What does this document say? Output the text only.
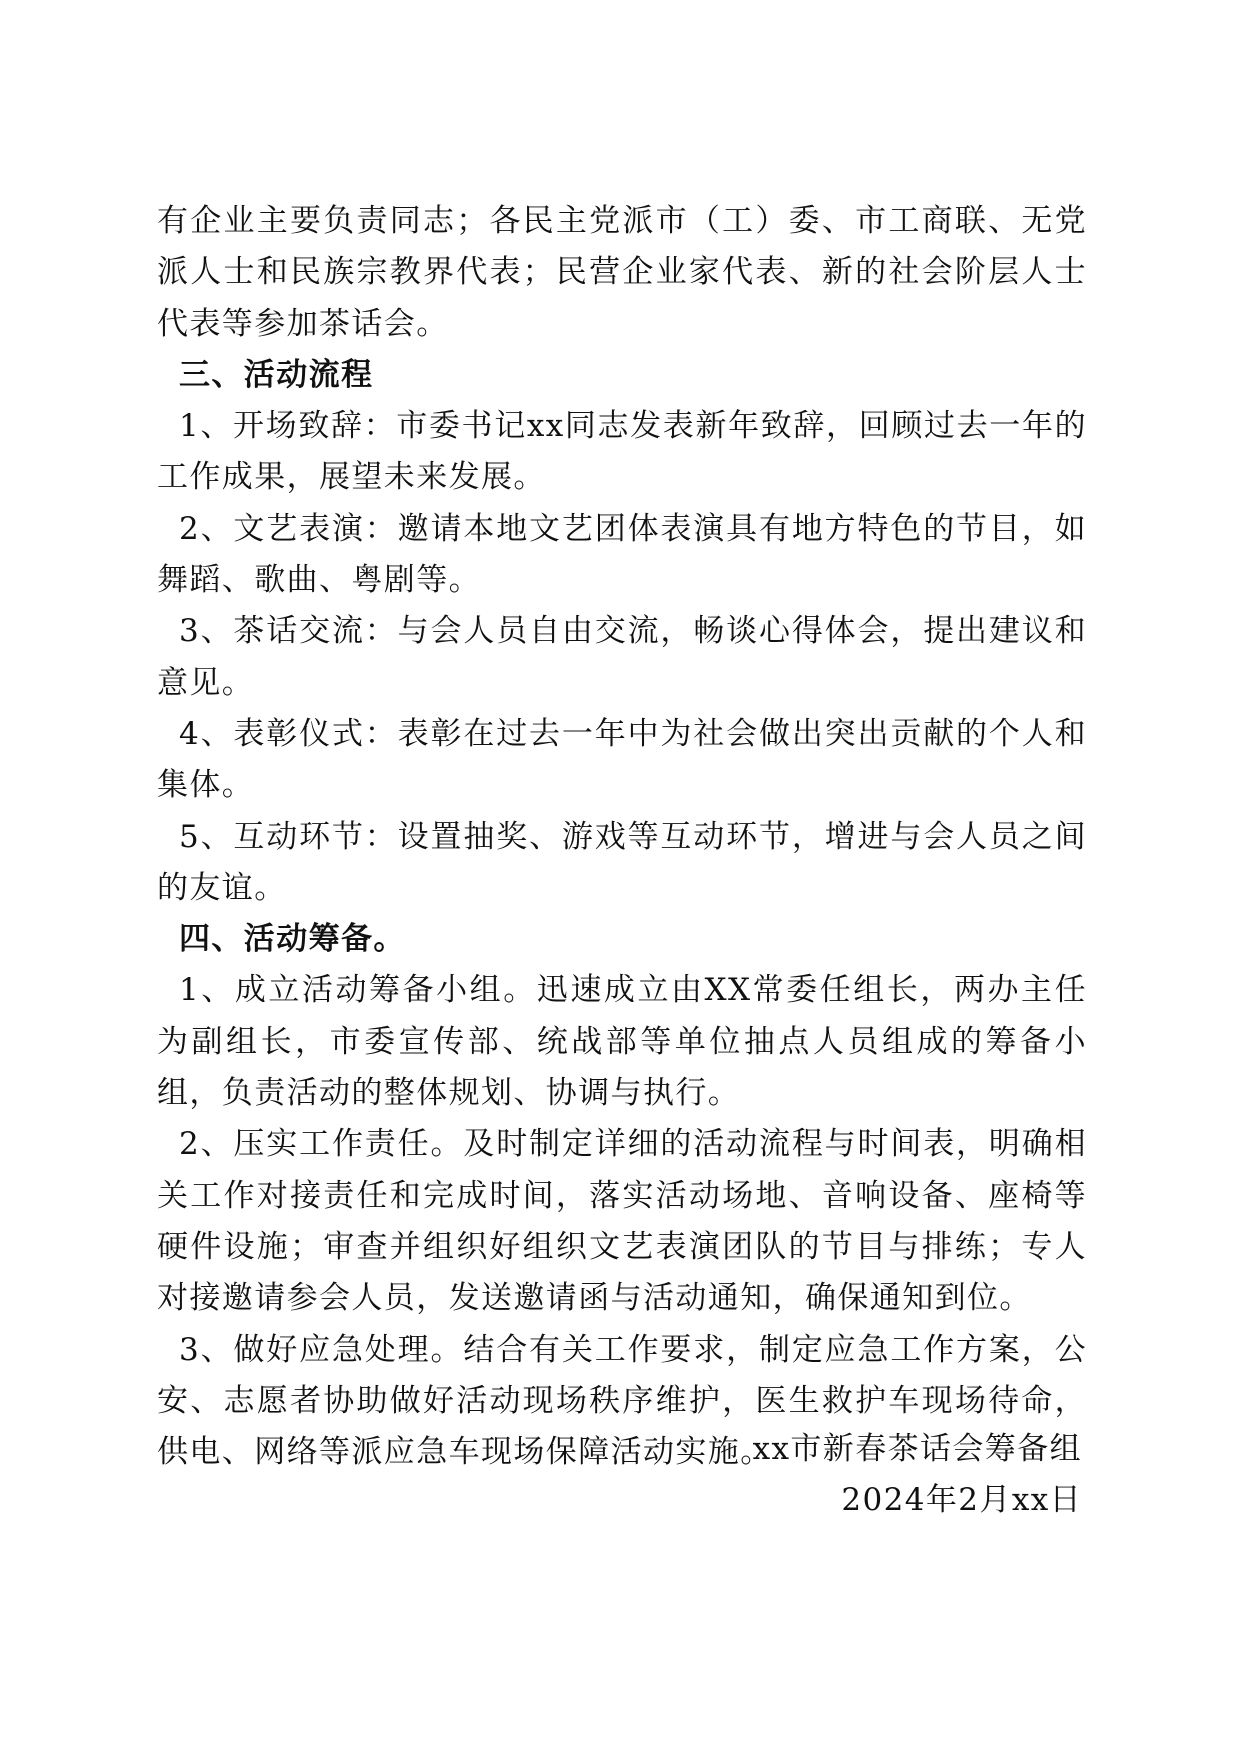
有企业主要负责同志；各民主党派市（工）委、市工商联、无党派人士和民族宗教界代表；民营企业家代表、新的社会阶层人士代表等参加茶话会。

三、活动流程

1、开场致辞：市委书记xx同志发表新年致辞，回顾过去一年的工作成果，展望未来发展。

2、文艺表演：邀请本地文艺团体表演具有地方特色的节目，如舞蹈、歌曲、粤剧等。

3、茶话交流：与会人员自由交流，畅谈心得体会，提出建议和意见。

4、表彰仪式：表彰在过去一年中为社会做出突出贡献的个人和集体。

5、互动环节：设置抽奖、游戏等互动环节，增进与会人员之间的友谊。

四、活动筹备。

1、成立活动筹备小组。迅速成立由XX常委任组长，两办主任为副组长，市委宣传部、统战部等单位抽点人员组成的筹备小组，负责活动的整体规划、协调与执行。

2、压实工作责任。及时制定详细的活动流程与时间表，明确相关工作对接责任和完成时间，落实活动场地、音响设备、座椅等硬件设施；审查并组织好组织文艺表演团队的节目与排练；专人对接邀请参会人员，发送邀请函与活动通知，确保通知到位。

3、做好应急处理。结合有关工作要求，制定应急工作方案，公安、志愿者协助做好活动现场秩序维护，医生救护车现场待命，供电、网络等派应急车现场保障活动实施。

xx市新春茶话会筹备组
2024年2月xx日
